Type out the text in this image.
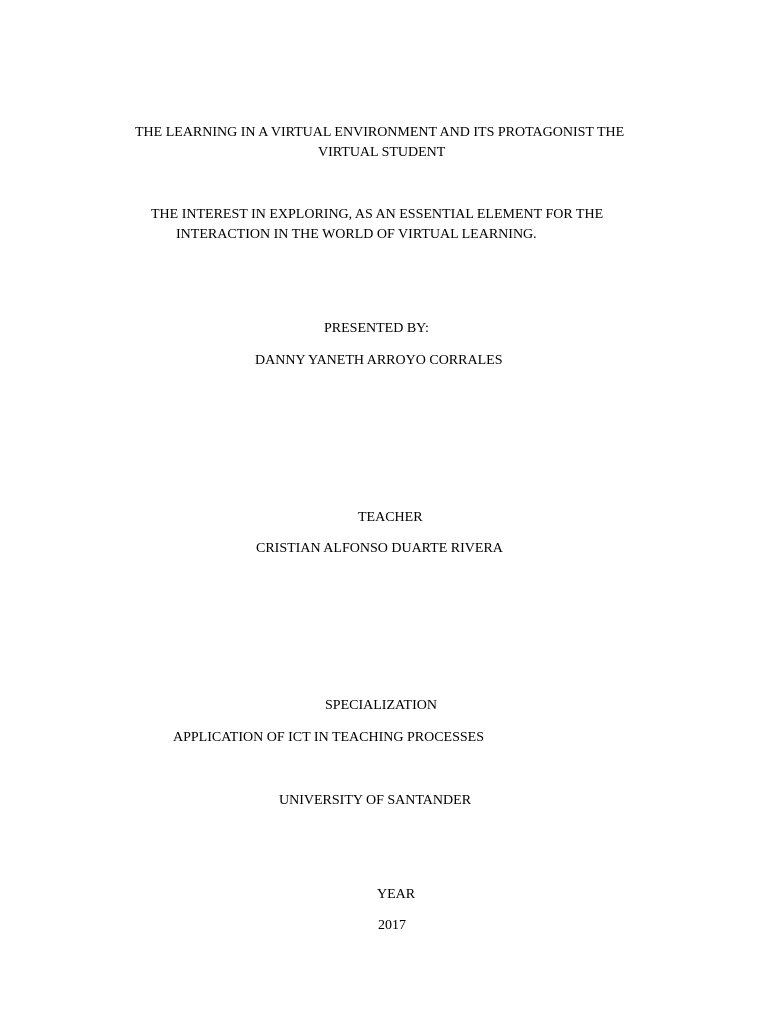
THE LEARNING IN A VIRTUAL ENVIRONMENT AND ITS PROTAGONIST THE
VIRTUAL STUDENT
THE INTEREST IN EXPLORING, AS AN ESSENTIAL ELEMENT FOR THE
INTERACTION IN THE WORLD OF VIRTUAL LEARNING.
PRESENTED BY:
DANNY YANETH ARROYO CORRALES
TEACHER
CRISTIAN ALFONSO DUARTE RIVERA
SPECIALIZATION
APPLICATION OF ICT IN TEACHING PROCESSES
UNIVERSITY OF SANTANDER
YEAR
2017
